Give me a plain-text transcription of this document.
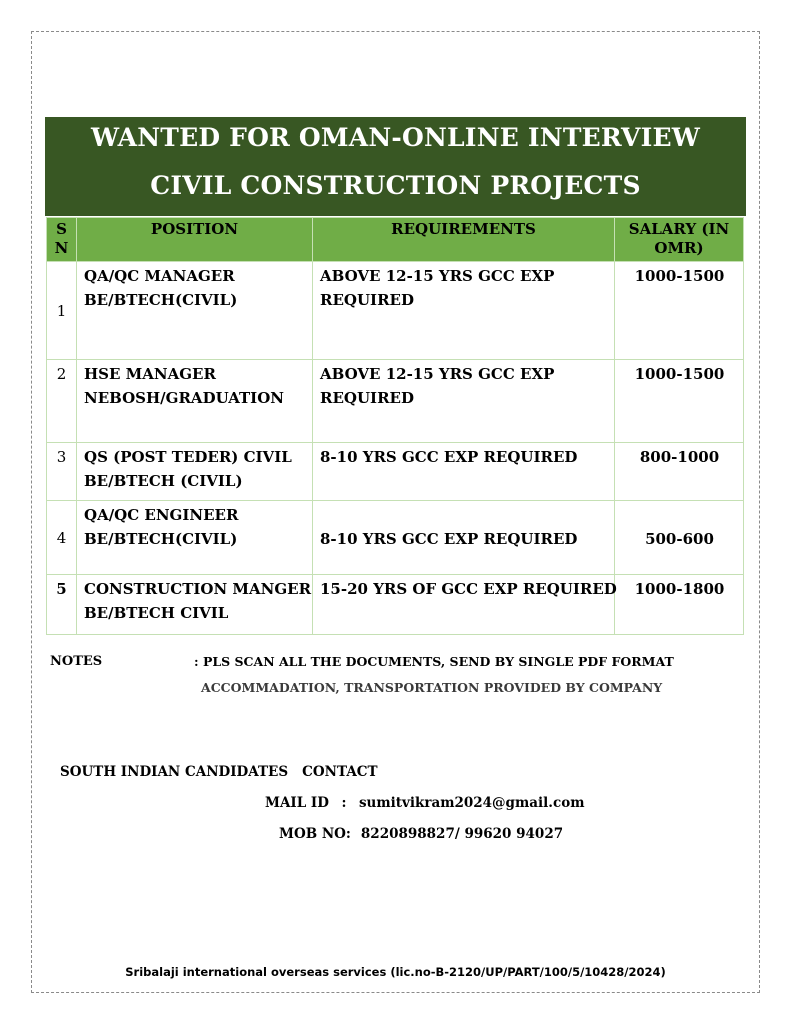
WANTED FOR OMAN-ONLINE INTERVIEW
CIVIL CONSTRUCTION PROJECTS
S
N	POSITION	REQUIREMENTS	SALARY (IN
OMR)

1	QA/QC MANAGER
BE/BTECH(CIVIL)	ABOVE 12-15 YRS GCC EXP
REQUIRED	1000-1500
2	HSE MANAGER
NEBOSH/GRADUATION	ABOVE 12-15 YRS GCC EXP
REQUIRED	1000-1500
3	QS (POST TEDER) CIVIL
BE/BTECH (CIVIL)	8-10 YRS GCC EXP REQUIRED	800-1000
4	QA/QC ENGINEER
BE/BTECH(CIVIL)	8-10 YRS GCC EXP REQUIRED	500-600
5	CONSTRUCTION MANGER
BE/BTECH CIVIL	15-20 YRS OF GCC EXP REQUIRED	1000-1800
NOTES	: PLS SCAN ALL THE DOCUMENTS, SEND BY SINGLE PDF FORMAT
ACCOMMADATION, TRANSPORTATION PROVIDED BY COMPANY
SOUTH INDIAN CANDIDATES   CONTACT
MAIL ID : sumitvikram2024@gmail.com
MOB NO: 8220898827/ 99620 94027
Sribalaji international overseas services (lic.no-B-2120/UP/PART/100/5/10428/2024)
